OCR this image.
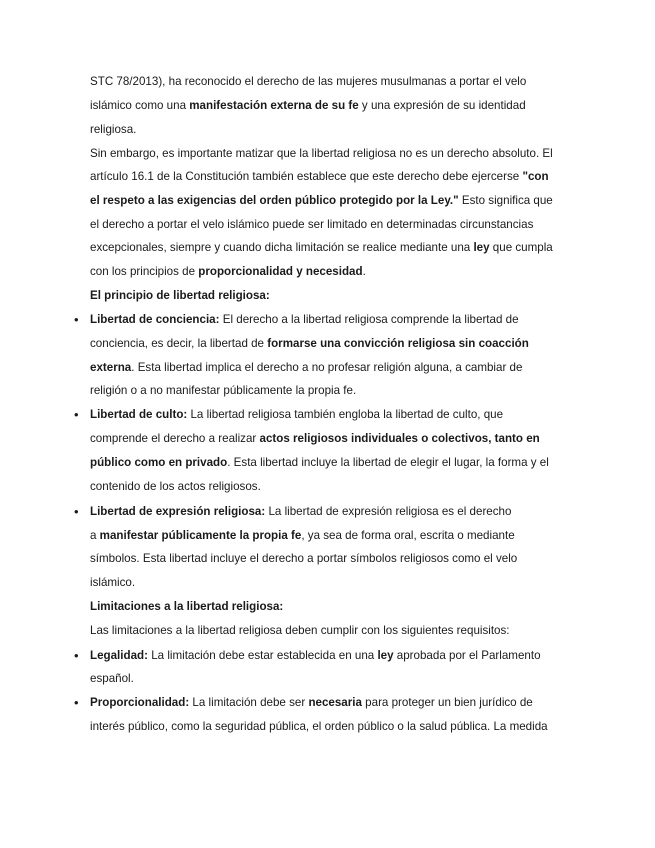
STC 78/2013), ha reconocido el derecho de las mujeres musulmanas a portar el velo
islámico como una manifestación externa de su fe y una expresión de su identidad
religiosa.
Sin embargo, es importante matizar que la libertad religiosa no es un derecho absoluto. El
artículo 16.1 de la Constitución también establece que este derecho debe ejercerse "con
el respeto a las exigencias del orden público protegido por la Ley." Esto significa que
el derecho a portar el velo islámico puede ser limitado en determinadas circunstancias
excepcionales, siempre y cuando dicha limitación se realice mediante una ley que cumpla
con los principios de proporcionalidad y necesidad.
El principio de libertad religiosa:
• Libertad de conciencia: El derecho a la libertad religiosa comprende la libertad de
conciencia, es decir, la libertad de formarse una convicción religiosa sin coacción
externa. Esta libertad implica el derecho a no profesar religión alguna, a cambiar de
religión o a no manifestar públicamente la propia fe.
• Libertad de culto: La libertad religiosa también engloba la libertad de culto, que
comprende el derecho a realizar actos religiosos individuales o colectivos, tanto en
público como en privado. Esta libertad incluye la libertad de elegir el lugar, la forma y el
contenido de los actos religiosos.
• Libertad de expresión religiosa: La libertad de expresión religiosa es el derecho
a manifestar públicamente la propia fe, ya sea de forma oral, escrita o mediante
símbolos. Esta libertad incluye el derecho a portar símbolos religiosos como el velo
islámico.
Limitaciones a la libertad religiosa:
Las limitaciones a la libertad religiosa deben cumplir con los siguientes requisitos:
• Legalidad: La limitación debe estar establecida en una ley aprobada por el Parlamento
español.
• Proporcionalidad: La limitación debe ser necesaria para proteger un bien jurídico de
interés público, como la seguridad pública, el orden público o la salud pública. La medida
